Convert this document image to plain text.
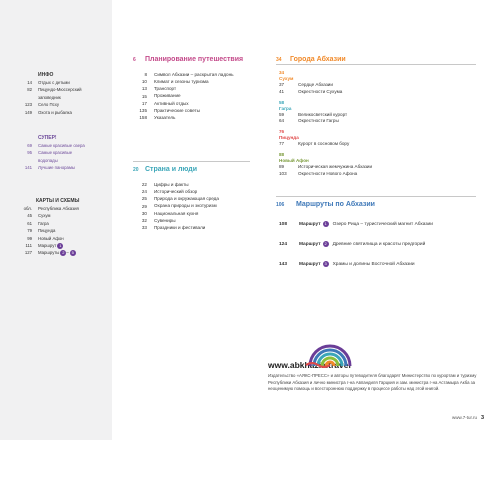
ИНФО
14	Отдых с детьми
82	Пицундо-Мюссерский
заповедник
123	Село Псху
149	Охота и рыбалка
СУПЕР!
69	Самые красивые озера
95	Самые красивые
водопады
141	Лучшие панорамы
КАРТЫ И СХЕМЫ
обл.	Республика Абхазия
45	Сухум
61	Гагра
79	Пицунда
99	Новый Афон
111	Маршрут 1
127	Маршруты 2 – 5
6	Планирование путешествия
8	Символ Абхазии – раскрытая ладонь
10	Климат и сезоны туризма
13	Транспорт
15	Проживание
17	Активный отдых
135	Практические советы
158	Указатель
20 Страна и люди
22	Цифры и факты
24	Исторический обзор
25	Природа и окружающая среда
29	Охрана природы и экотуризм
30	Национальная кухня
32	Сувениры
33	Праздники и фестивали
34	Города Абхазии
34
Сухум
37	Сердце Абхазии
41	Окрестности Сухума
58
Гагра
59	Великосветский курорт
64	Окрестности Гагры
76
Пицунда
77	Курорт в сосновом бору
88
Новый Афон
89	Историческая жемчужина Абхазии
103	Окрестности Нового Афона
106	Маршруты по Абхазии
108	Маршрут 1	Озеро Рица – туристический магнит Абхазии
124	Маршрут 2	Древние святилища и красоты предгорий
143	Маршрут 3	Храмы и долины Восточной Абхазии
www.abkhazia.travel
Издательство «АЯКС-ПРЕСС» и авторы путеводителя благодарят Министерство по курортам и туризму Республики Абхазия и лично министра г-на Авпандиля Гарцкия и зам. министра г-на Астамыра Акба за неоценимую помощь и всестороннюю поддержку в процессе работы над этой книгой.
www.7-tur.ru 3
